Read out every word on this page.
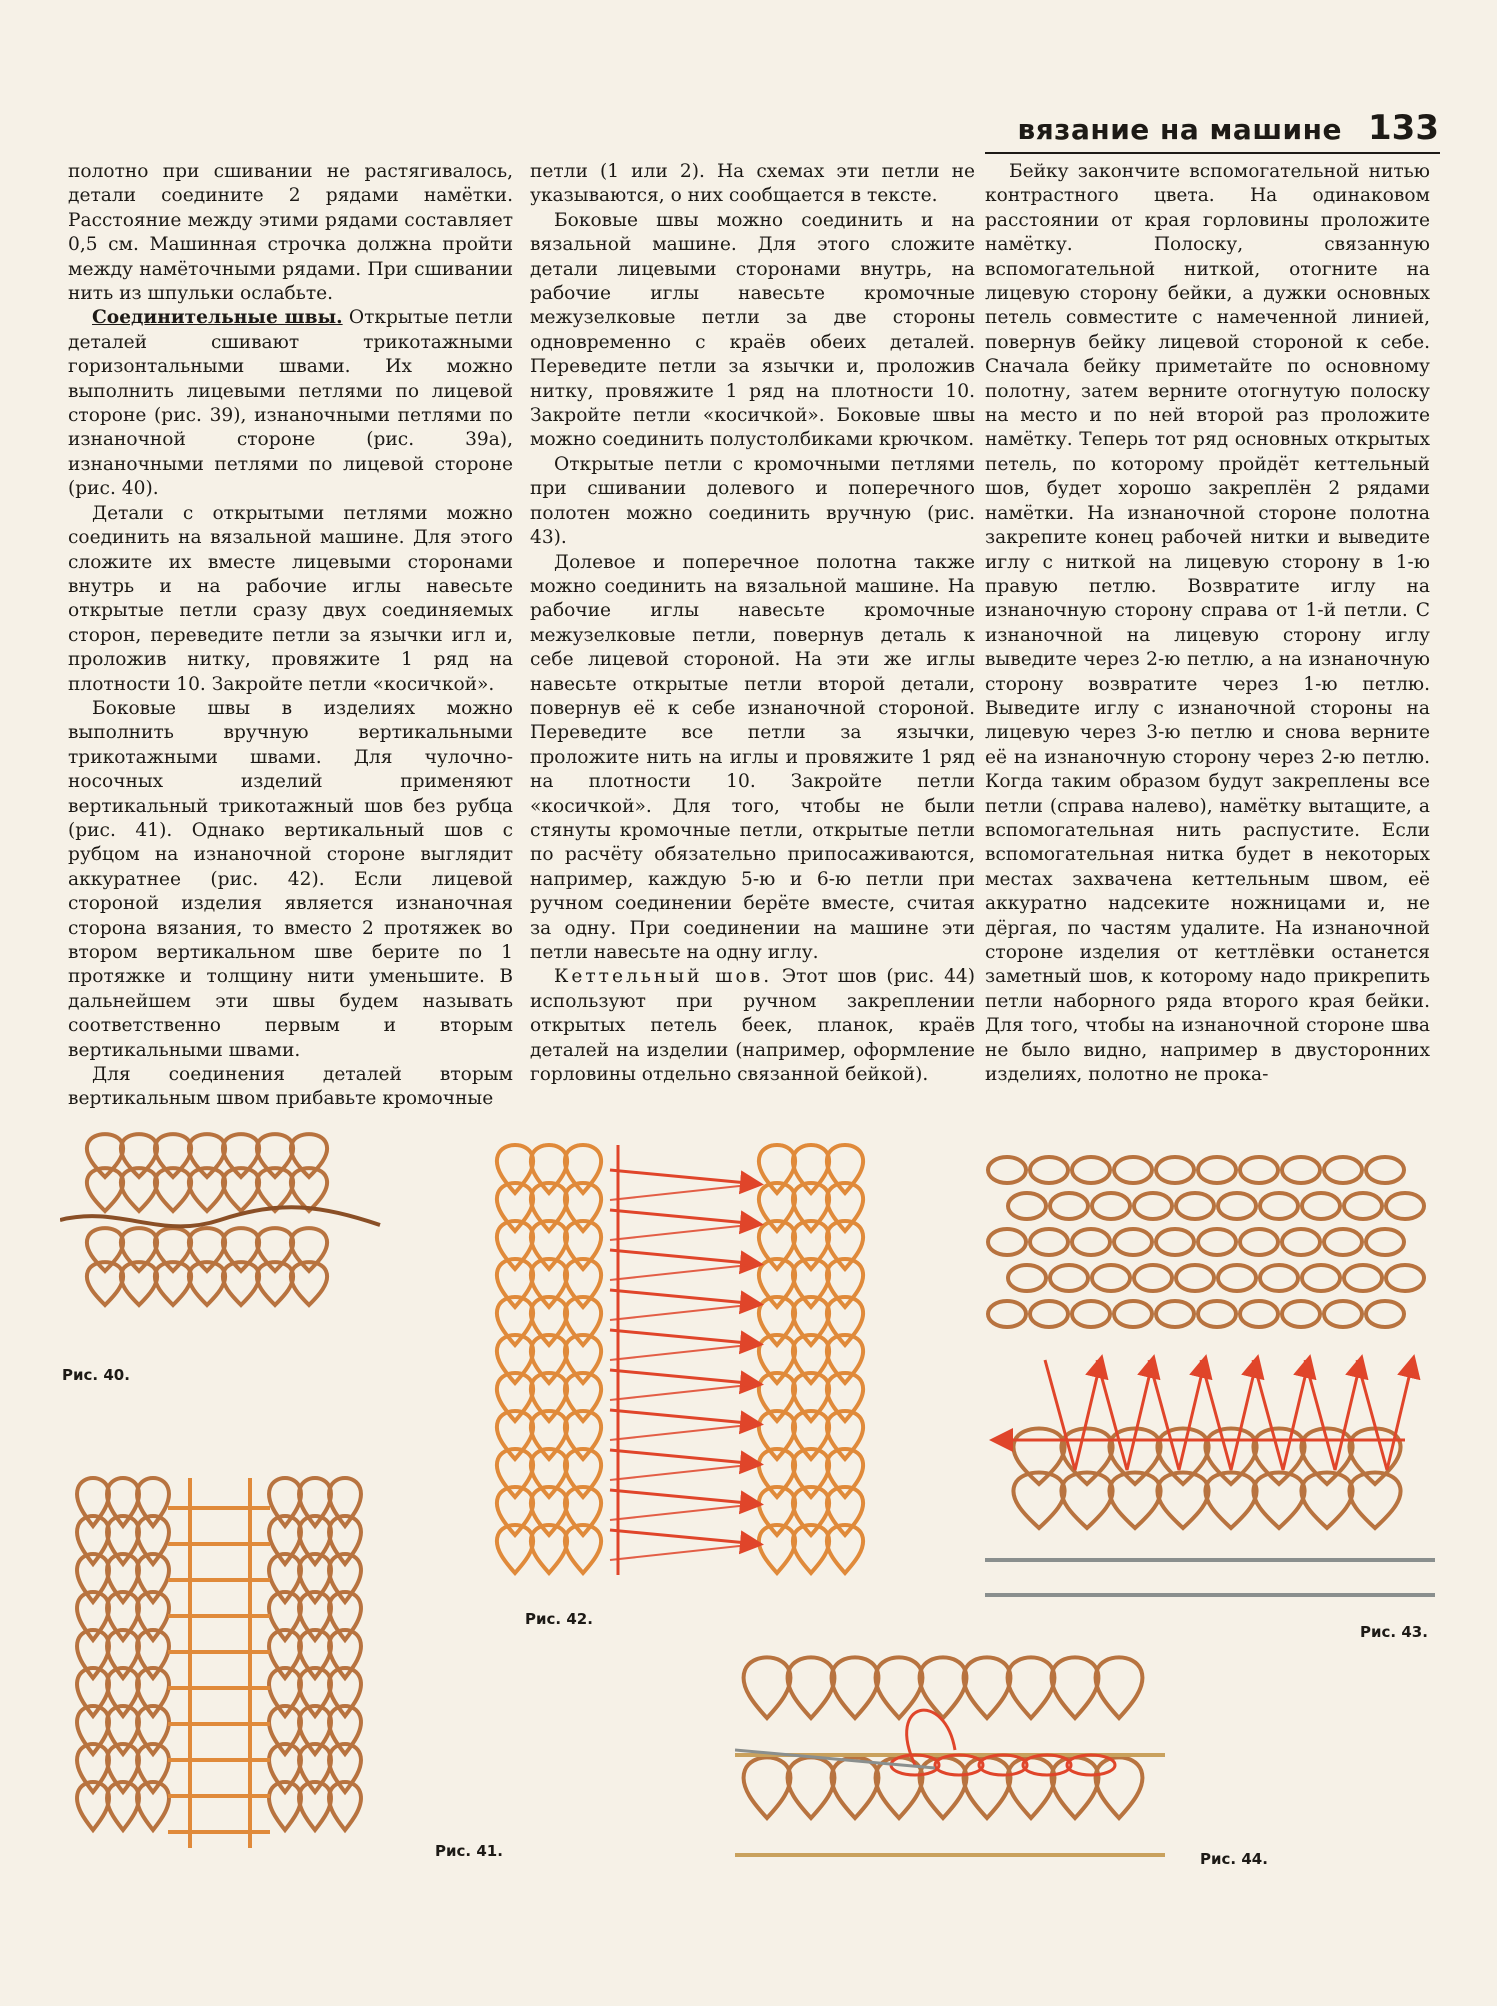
вязание на машине 133

полотно при сшивании не растягивалось, детали соедините 2 рядами намётки. Расстояние между этими рядами составляет 0,5 см. Машинная строчка должна пройти между намёточными рядами. При сшивании нить из шпульки ослабьте.

Соединительные швы. Открытые петли деталей сшивают трикотажными горизонтальными швами. Их можно выполнить лицевыми петлями по лицевой стороне (рис. 39), изнаночными петлями по изнаночной стороне (рис. 39а), изнаночными петлями по лицевой стороне (рис. 40).

Детали с открытыми петлями можно соединить на вязальной машине. Для этого сложите их вместе лицевыми сторонами внутрь и на рабочие иглы навесьте открытые петли сразу двух соединяемых сторон, переведите петли за язычки игл и, проложив нитку, провяжите 1 ряд на плотности 10. Закройте петли «косичкой».

Боковые швы в изделиях можно выполнить вручную вертикальными трикотажными швами. Для чулочно-носочных изделий применяют вертикальный трикотажный шов без рубца (рис. 41). Однако вертикальный шов с рубцом на изнаночной стороне выглядит аккуратнее (рис. 42). Если лицевой стороной изделия является изнаночная сторона вязания, то вместо 2 протяжек во втором вертикальном шве берите по 1 протяжке и толщину нити уменьшите. В дальнейшем эти швы будем называть соответственно первым и вторым вертикальными швами.

Для соединения деталей вторым вертикальным швом прибавьте кромочные

петли (1 или 2). На схемах эти петли не указываются, о них сообщается в тексте.

Боковые швы можно соединить и на вязальной машине. Для этого сложите детали лицевыми сторонами внутрь, на рабочие иглы навесьте кромочные межузелковые петли за две стороны одновременно с краёв обеих деталей. Переведите петли за язычки и, проложив нитку, провяжите 1 ряд на плотности 10. Закройте петли «косичкой». Боковые швы можно соединить полустолбиками крючком.

Открытые петли с кромочными петлями при сшивании долевого и поперечного полотен можно соединить вручную (рис. 43).

Долевое и поперечное полотна также можно соединить на вязальной машине. На рабочие иглы навесьте кромочные межузелковые петли, повернув деталь к себе лицевой стороной. На эти же иглы навесьте открытые петли второй детали, повернув её к себе изнаночной стороной. Переведите все петли за язычки, проложите нить на иглы и провяжите 1 ряд на плотности 10. Закройте петли «косичкой». Для того, чтобы не были стянуты кромочные петли, открытые петли по расчёту обязательно припосаживаются, например, каждую 5-ю и 6-ю петли при ручном соединении берёте вместе, считая за одну. При соединении на машине эти петли навесьте на одну иглу.

Кеттельный шов. Этот шов (рис. 44) используют при ручном закреплении открытых петель беек, планок, краёв деталей на изделии (например, оформление горловины отдельно связанной бейкой).

Бейку закончите вспомогательной нитью контрастного цвета. На одинаковом расстоянии от края горловины проложите намётку. Полоску, связанную вспомогательной ниткой, отогните на лицевую сторону бейки, а дужки основных петель совместите с намеченной линией, повернув бейку лицевой стороной к себе. Сначала бейку приметайте по основному полотну, затем верните отогнутую полоску на место и по ней второй раз проложите намётку. Теперь тот ряд основных открытых петель, по которому пройдёт кеттельный шов, будет хорошо закреплён 2 рядами намётки. На изнаночной стороне полотна закрепите конец рабочей нитки и выведите иглу с ниткой на лицевую сторону в 1-ю правую петлю. Возвратите иглу на изнаночную сторону справа от 1-й петли. С изнаночной на лицевую сторону иглу выведите через 2-ю петлю, а на изнаночную сторону возвратите через 1-ю петлю. Выведите иглу с изнаночной стороны на лицевую через 3-ю петлю и снова верните её на изнаночную сторону через 2-ю петлю. Когда таким образом будут закреплены все петли (справа налево), намётку вытащите, а вспомогательная нить распустите. Если вспомогательная нитка будет в некоторых местах захвачена кеттельным швом, её аккуратно надсеките ножницами и, не дёргая, по частям удалите. На изнаночной стороне изделия от кеттлёвки останется заметный шов, к которому надо прикрепить петли наборного ряда второго края бейки. Для того, чтобы на изнаночной стороне шва не было видно, например в двусторонних изделиях, полотно не прока-

Рис. 40.
Рис. 41.
Рис. 42.
Рис. 43.
Рис. 44.
